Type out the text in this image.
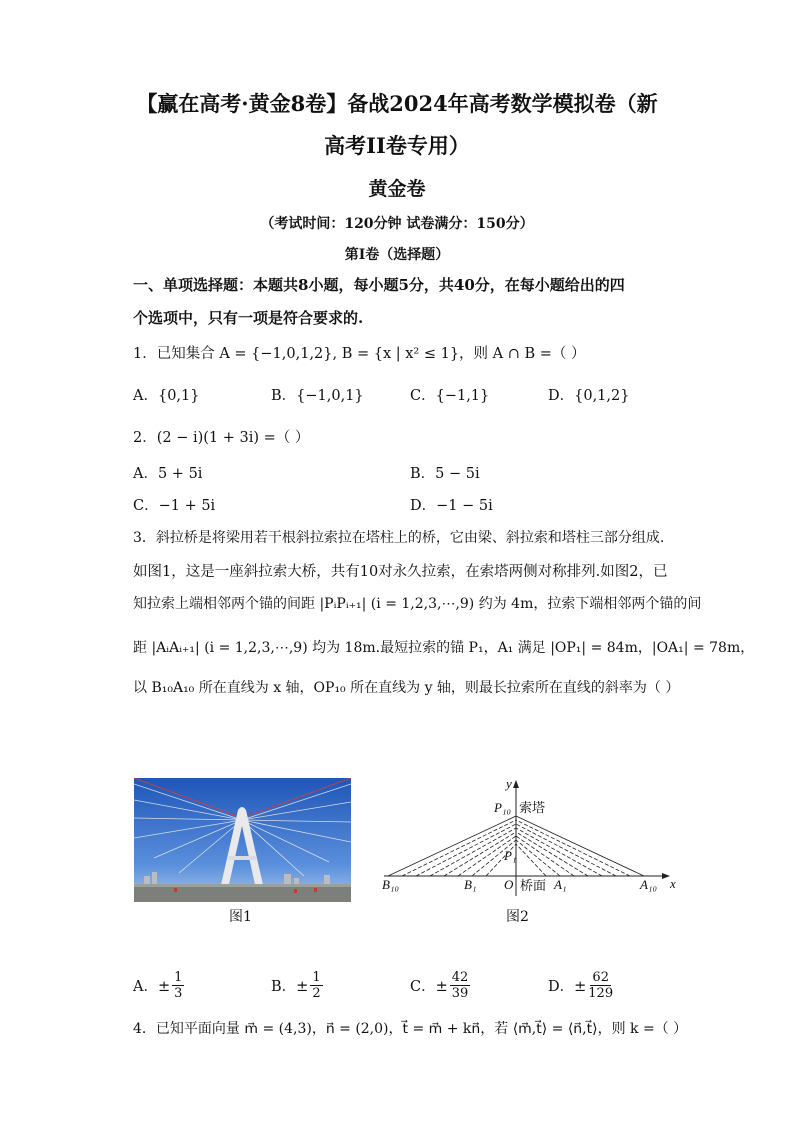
【赢在高考·黄金8卷】备战2024年高考数学模拟卷（新
高考II卷专用）
黄金卷
（考试时间：120分钟 试卷满分：150分）
第I卷（选择题）
一、单项选择题：本题共8小题，每小题5分，共40分，在每小题给出的四
个选项中，只有一项是符合要求的.
1．已知集合 A = {−1,0,1,2}, B = {x | x² ≤ 1}，则 A ∩ B =（ ）
A．{0,1}	B．{−1,0,1}	C．{−1,1}	D．{0,1,2}
2．(2 − i)(1 + 3i) =（ ）
A．5 + 5i	B．5 − 5i
C．−1 + 5i	D．−1 − 5i
3．斜拉桥是将梁用若干根斜拉索拉在塔柱上的桥，它由梁、斜拉索和塔柱三部分组成.
如图1，这是一座斜拉索大桥，共有10对永久拉索，在索塔两侧对称排列.如图2，已
知拉索上端相邻两个锚的间距 |PᵢPᵢ₊₁| (i = 1,2,3,⋯,9) 约为 4m，拉索下端相邻两个锚的间
距 |AᵢAᵢ₊₁| (i = 1,2,3,⋯,9) 均为 18m.最短拉索的锚 P₁，A₁ 满足 |OP₁| = 84m，|OA₁| = 78m，
以 B₁₀A₁₀ 所在直线为 x 轴，OP₁₀ 所在直线为 y 轴，则最长拉索所在直线的斜率为（ ）
图1
y
x
P₁₀
P₁
B₁₀	B₁ O	A₁	A₁₀
索塔
桥面
图2
A．± $\frac{1}{3}$	B．± $\frac{1}{2}$	C．± $\frac{42}{39}$	D．± $\frac{62}{129}$
4．已知平面向量 m⃗ = (4,3)，n⃗ = (2,0)，t⃗ = m⃗ + kn⃗，若 ⟨m⃗,t⃗⟩ = ⟨n⃗,t⃗⟩，则 k =（ ）
